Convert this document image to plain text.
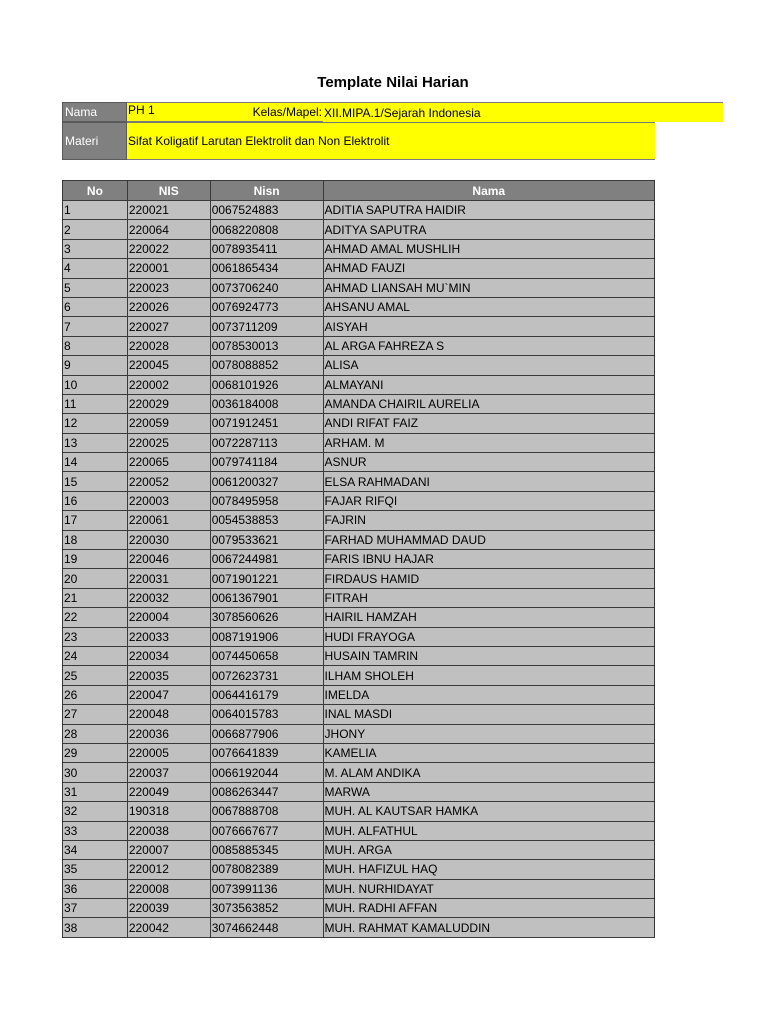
Template Nilai Harian
Nama	PH 1	Kelas/Mapel: XII.MIPA.1/Sejarah Indonesia
Materi	Sifat Koligatif Larutan Elektrolit dan Non Elektrolit
No	NIS	Nisn	Nama
1	220021	0067524883	ADITIA SAPUTRA HAIDIR
2	220064	0068220808	ADITYA SAPUTRA
3	220022	0078935411	AHMAD AMAL MUSHLIH
4	220001	0061865434	AHMAD FAUZI
5	220023	0073706240	AHMAD LIANSAH MU`MIN
6	220026	0076924773	AHSANU AMAL
7	220027	0073711209	AISYAH
8	220028	0078530013	AL ARGA FAHREZA S
9	220045	0078088852	ALISA
10	220002	0068101926	ALMAYANI
11	220029	0036184008	AMANDA CHAIRIL AURELIA
12	220059	0071912451	ANDI RIFAT FAIZ
13	220025	0072287113	ARHAM. M
14	220065	0079741184	ASNUR
15	220052	0061200327	ELSA RAHMADANI
16	220003	0078495958	FAJAR RIFQI
17	220061	0054538853	FAJRIN
18	220030	0079533621	FARHAD MUHAMMAD DAUD
19	220046	0067244981	FARIS IBNU HAJAR
20	220031	0071901221	FIRDAUS HAMID
21	220032	0061367901	FITRAH
22	220004	3078560626	HAIRIL HAMZAH
23	220033	0087191906	HUDI FRAYOGA
24	220034	0074450658	HUSAIN TAMRIN
25	220035	0072623731	ILHAM SHOLEH
26	220047	0064416179	IMELDA
27	220048	0064015783	INAL MASDI
28	220036	0066877906	JHONY
29	220005	0076641839	KAMELIA
30	220037	0066192044	M. ALAM ANDIKA
31	220049	0086263447	MARWA
32	190318	0067888708	MUH. AL KAUTSAR HAMKA
33	220038	0076667677	MUH. ALFATHUL
34	220007	0085885345	MUH. ARGA
35	220012	0078082389	MUH. HAFIZUL HAQ
36	220008	0073991136	MUH. NURHIDAYAT
37	220039	3073563852	MUH. RADHI AFFAN
38	220042	3074662448	MUH. RAHMAT KAMALUDDIN
